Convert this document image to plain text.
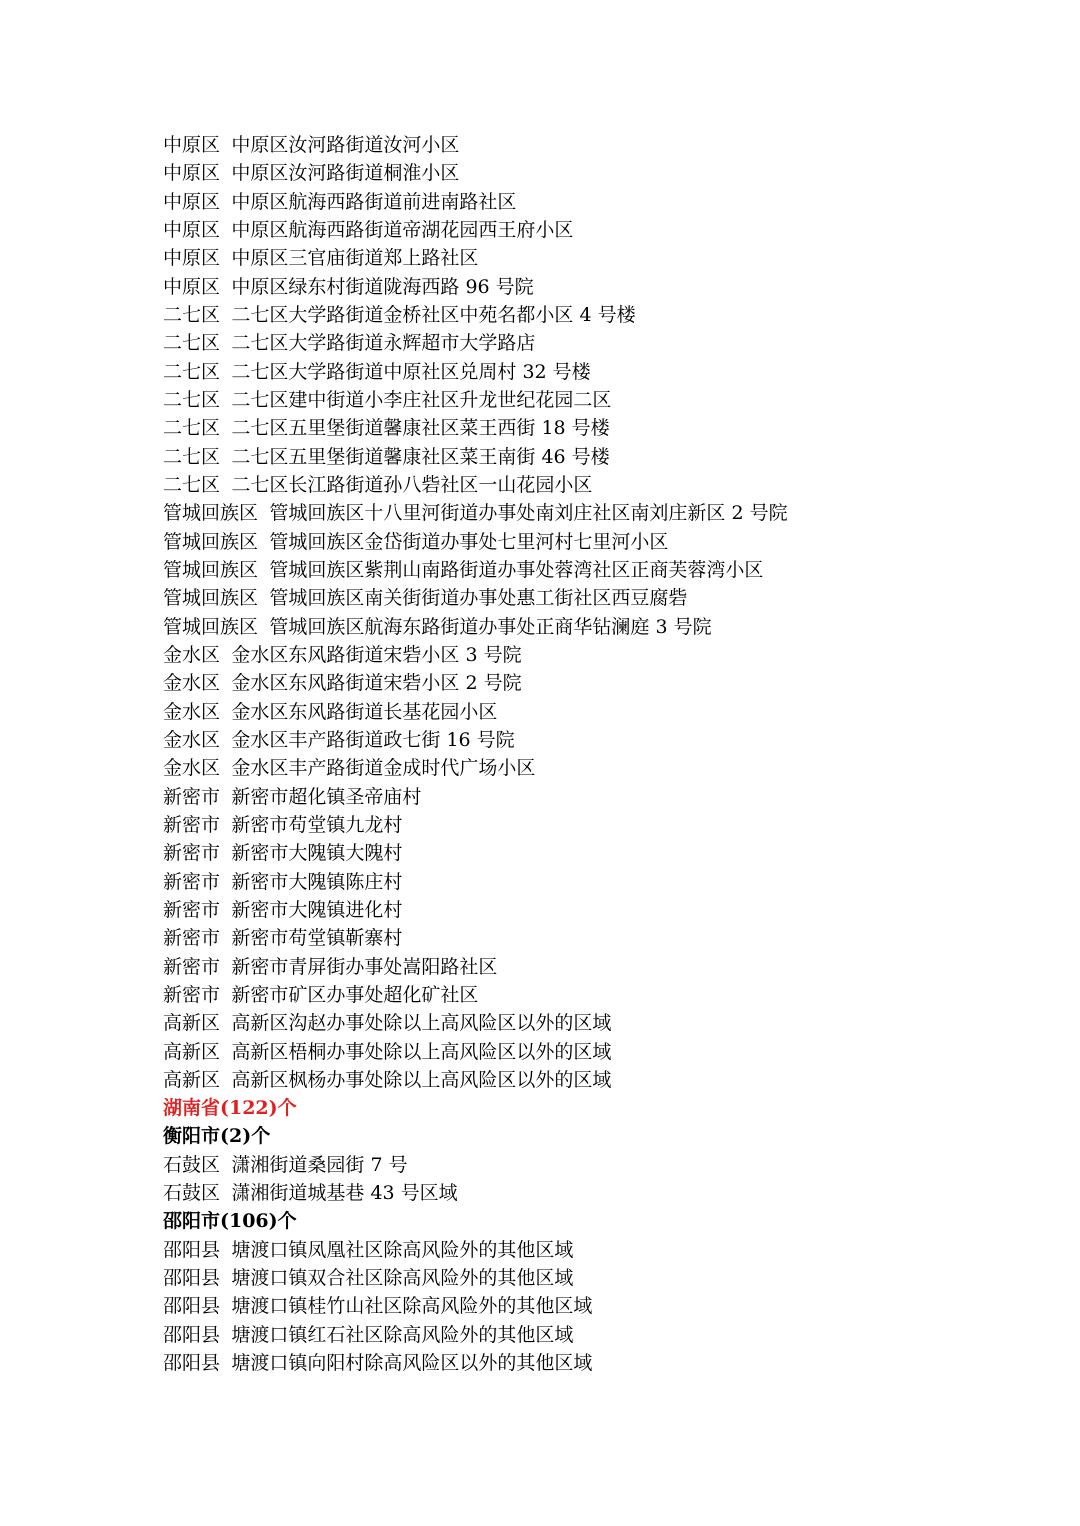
中原区 中原区汝河路街道汝河小区
中原区 中原区汝河路街道桐淮小区
中原区 中原区航海西路街道前进南路社区
中原区 中原区航海西路街道帝湖花园西王府小区
中原区 中原区三官庙街道郑上路社区
中原区 中原区绿东村街道陇海西路 96 号院
二七区 二七区大学路街道金桥社区中苑名都小区 4 号楼
二七区 二七区大学路街道永辉超市大学路店
二七区 二七区大学路街道中原社区兑周村 32 号楼
二七区 二七区建中街道小李庄社区升龙世纪花园二区
二七区 二七区五里堡街道馨康社区菜王西街 18 号楼
二七区 二七区五里堡街道馨康社区菜王南街 46 号楼
二七区 二七区长江路街道孙八砦社区一山花园小区
管城回族区 管城回族区十八里河街道办事处南刘庄社区南刘庄新区 2 号院
管城回族区 管城回族区金岱街道办事处七里河村七里河小区
管城回族区 管城回族区紫荆山南路街道办事处蓉湾社区正商芙蓉湾小区
管城回族区 管城回族区南关街街道办事处惠工街社区西豆腐砦
管城回族区 管城回族区航海东路街道办事处正商华钻澜庭 3 号院
金水区 金水区东风路街道宋砦小区 3 号院
金水区 金水区东风路街道宋砦小区 2 号院
金水区 金水区东风路街道长基花园小区
金水区 金水区丰产路街道政七街 16 号院
金水区 金水区丰产路街道金成时代广场小区
新密市 新密市超化镇圣帝庙村
新密市 新密市苟堂镇九龙村
新密市 新密市大隗镇大隗村
新密市 新密市大隗镇陈庄村
新密市 新密市大隗镇进化村
新密市 新密市苟堂镇靳寨村
新密市 新密市青屏街办事处嵩阳路社区
新密市 新密市矿区办事处超化矿社区
高新区 高新区沟赵办事处除以上高风险区以外的区域
高新区 高新区梧桐办事处除以上高风险区以外的区域
高新区 高新区枫杨办事处除以上高风险区以外的区域
湖南省(122)个
衡阳市(2)个
石鼓区 潇湘街道桑园街 7 号
石鼓区 潇湘街道城基巷 43 号区域
邵阳市(106)个
邵阳县 塘渡口镇凤凰社区除高风险外的其他区域
邵阳县 塘渡口镇双合社区除高风险外的其他区域
邵阳县 塘渡口镇桂竹山社区除高风险外的其他区域
邵阳县 塘渡口镇红石社区除高风险外的其他区域
邵阳县 塘渡口镇向阳村除高风险区以外的其他区域
